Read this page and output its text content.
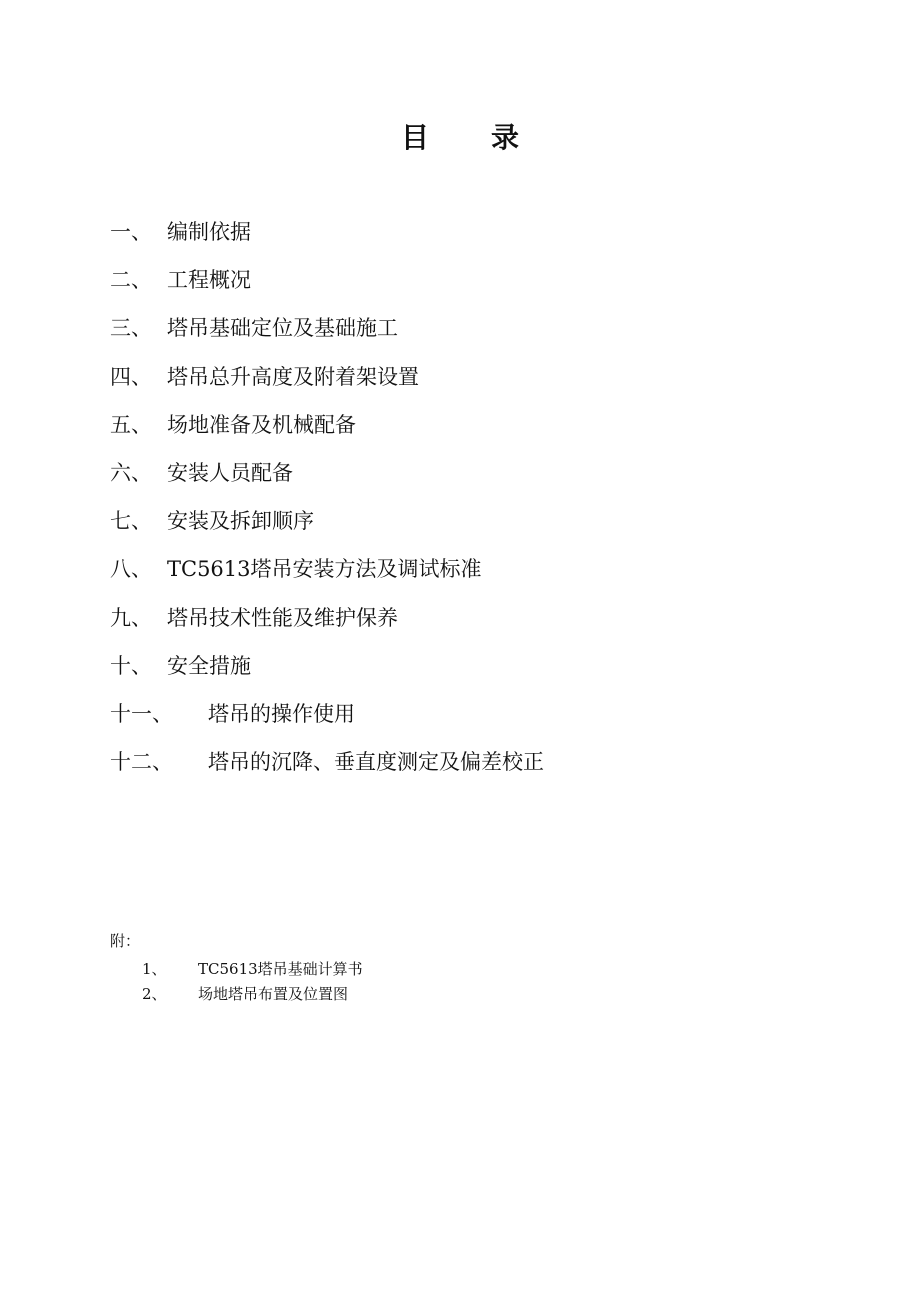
目 录
一、 编制依据
二、 工程概况
三、 塔吊基础定位及基础施工
四、 塔吊总升高度及附着架设置
五、 场地准备及机械配备
六、 安装人员配备
七、 安装及拆卸顺序
八、 TC5613塔吊安装方法及调试标准
九、 塔吊技术性能及维护保养
十、 安全措施
十一、 塔吊的操作使用
十二、 塔吊的沉降、垂直度测定及偏差校正
附：
1、 TC5613塔吊基础计算书
2、 场地塔吊布置及位置图
